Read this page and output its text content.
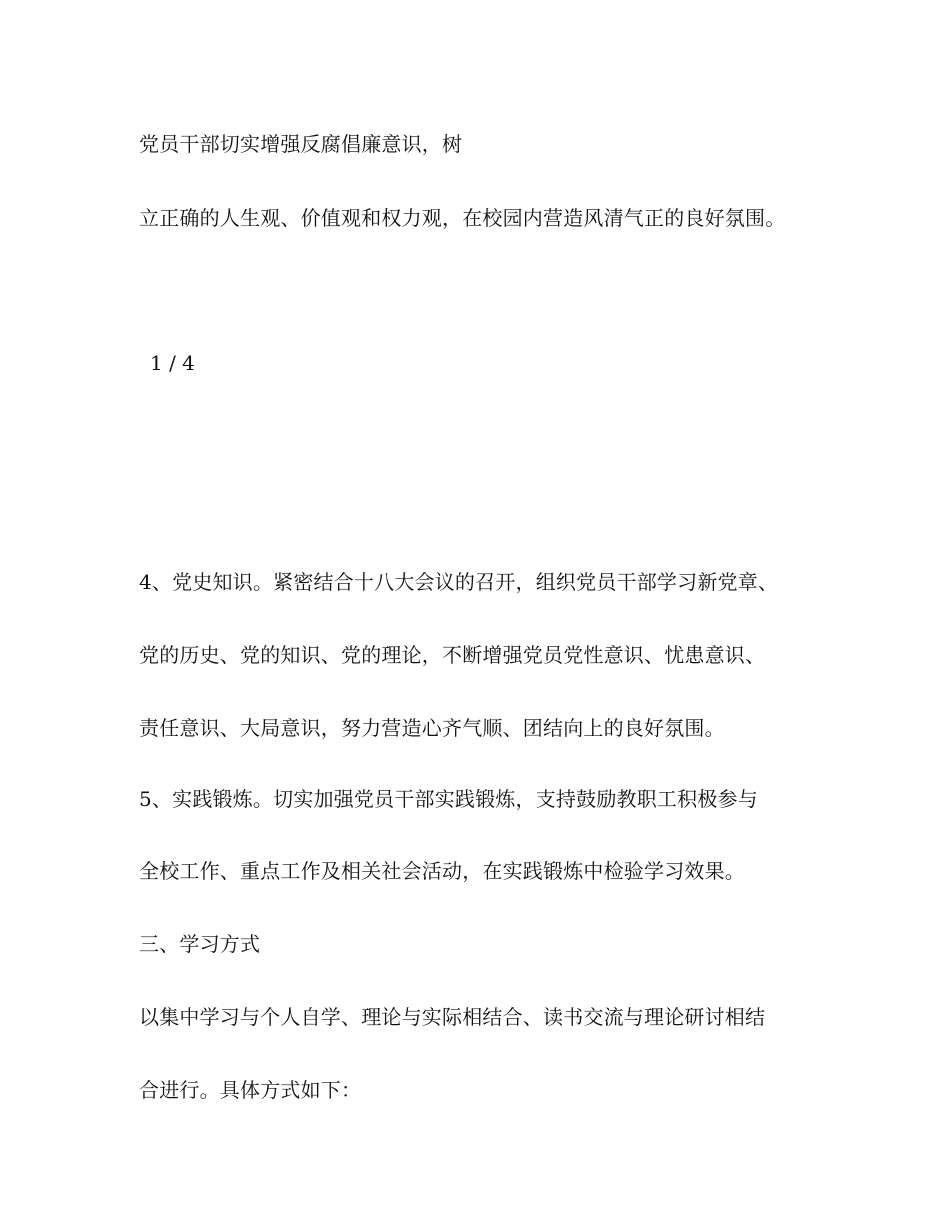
党员干部切实增强反腐倡廉意识，树
立正确的人生观、价值观和权力观，在校园内营造风清气正的良好氛围。
1 / 4
4、党史知识。紧密结合十八大会议的召开，组织党员干部学习新党章、
党的历史、党的知识、党的理论，不断增强党员党性意识、忧患意识、
责任意识、大局意识，努力营造心齐气顺、团结向上的良好氛围。
5、实践锻炼。切实加强党员干部实践锻炼，支持鼓励教职工积极参与
全校工作、重点工作及相关社会活动，在实践锻炼中检验学习效果。
三、学习方式
以集中学习与个人自学、理论与实际相结合、读书交流与理论研讨相结
合进行。具体方式如下：
